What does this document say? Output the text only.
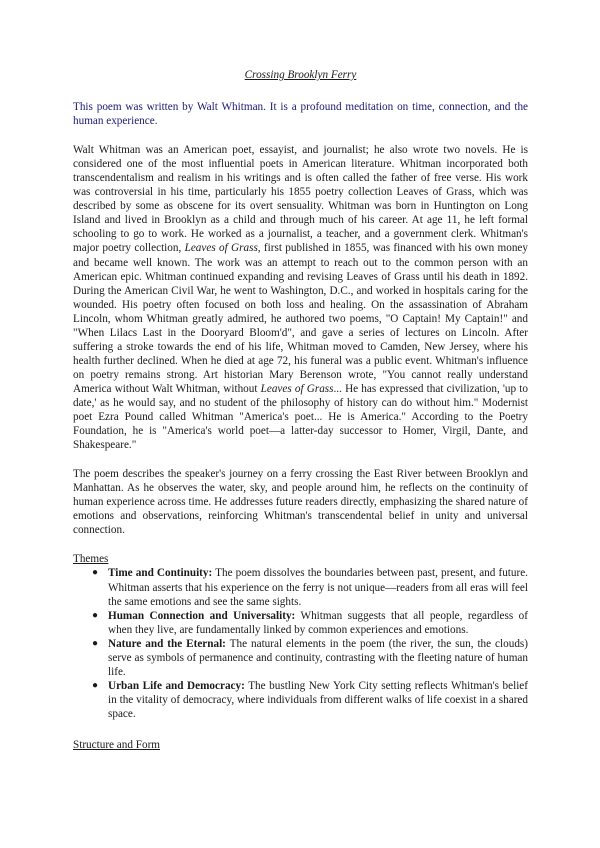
Crossing Brooklyn Ferry

This poem was written by Walt Whitman. It is a profound meditation on time, connection, and the human experience.

Walt Whitman was an American poet, essayist, and journalist; he also wrote two novels. He is considered one of the most influential poets in American literature. Whitman incorporated both transcendentalism and realism in his writings and is often called the father of free verse. His work was controversial in his time, particularly his 1855 poetry collection Leaves of Grass, which was described by some as obscene for its overt sensuality. Whitman was born in Huntington on Long Island and lived in Brooklyn as a child and through much of his career. At age 11, he left formal schooling to go to work. He worked as a journalist, a teacher, and a government clerk. Whitman's major poetry collection, Leaves of Grass, first published in 1855, was financed with his own money and became well known. The work was an attempt to reach out to the common person with an American epic. Whitman continued expanding and revising Leaves of Grass until his death in 1892. During the American Civil War, he went to Washington, D.C., and worked in hospitals caring for the wounded. His poetry often focused on both loss and healing. On the assassination of Abraham Lincoln, whom Whitman greatly admired, he authored two poems, "O Captain! My Captain!" and "When Lilacs Last in the Dooryard Bloom'd", and gave a series of lectures on Lincoln. After suffering a stroke towards the end of his life, Whitman moved to Camden, New Jersey, where his health further declined. When he died at age 72, his funeral was a public event. Whitman's influence on poetry remains strong. Art historian Mary Berenson wrote, "You cannot really understand America without Walt Whitman, without Leaves of Grass... He has expressed that civilization, 'up to date,' as he would say, and no student of the philosophy of history can do without him." Modernist poet Ezra Pound called Whitman "America's poet... He is America." According to the Poetry Foundation, he is "America's world poet—a latter-day successor to Homer, Virgil, Dante, and Shakespeare."

The poem describes the speaker's journey on a ferry crossing the East River between Brooklyn and Manhattan. As he observes the water, sky, and people around him, he reflects on the continuity of human experience across time. He addresses future readers directly, emphasizing the shared nature of emotions and observations, reinforcing Whitman's transcendental belief in unity and universal connection.

Themes
● Time and Continuity: The poem dissolves the boundaries between past, present, and future. Whitman asserts that his experience on the ferry is not unique—readers from all eras will feel the same emotions and see the same sights.
● Human Connection and Universality: Whitman suggests that all people, regardless of when they live, are fundamentally linked by common experiences and emotions.
● Nature and the Eternal: The natural elements in the poem (the river, the sun, the clouds) serve as symbols of permanence and continuity, contrasting with the fleeting nature of human life.
● Urban Life and Democracy: The bustling New York City setting reflects Whitman's belief in the vitality of democracy, where individuals from different walks of life coexist in a shared space.
Structure and Form
